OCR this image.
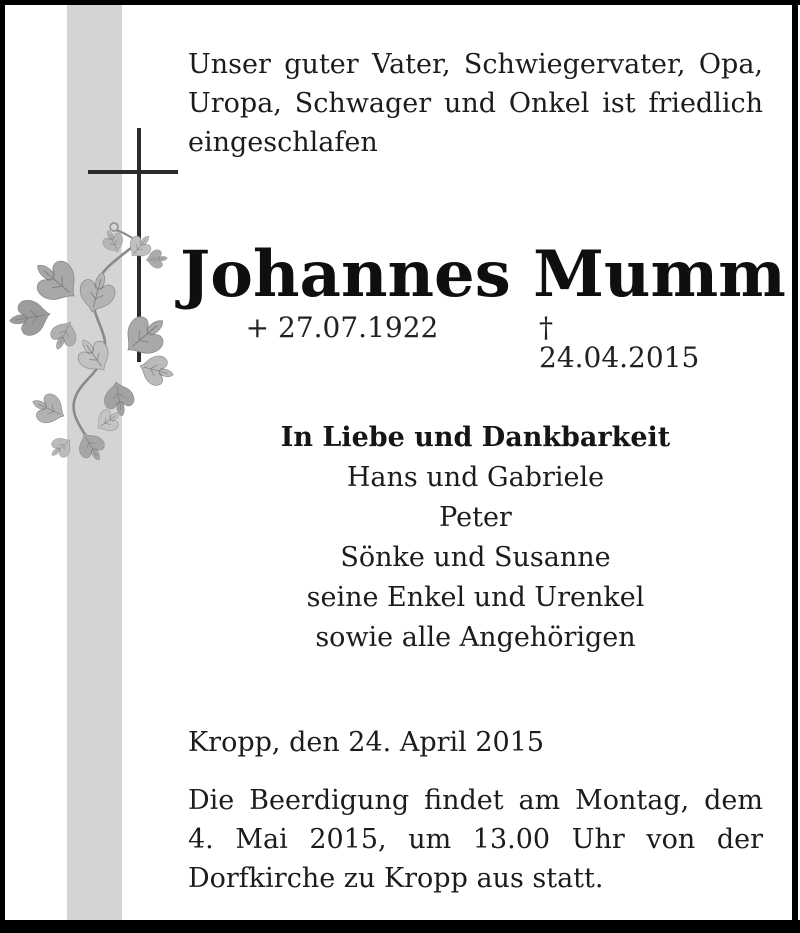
Unser guter Vater, Schwiegervater, Opa,
Uropa, Schwager und Onkel ist friedlich
eingeschlafen
Johannes Mumm
+ 27.07.1922	† 24.04.2015
In Liebe und Dankbarkeit
Hans und Gabriele
Peter
Sönke und Susanne
seine Enkel und Urenkel
sowie alle Angehörigen
Kropp, den 24. April 2015
Die Beerdigung findet am Montag, dem
4. Mai 2015, um 13.00 Uhr von der
Dorfkirche zu Kropp aus statt.
